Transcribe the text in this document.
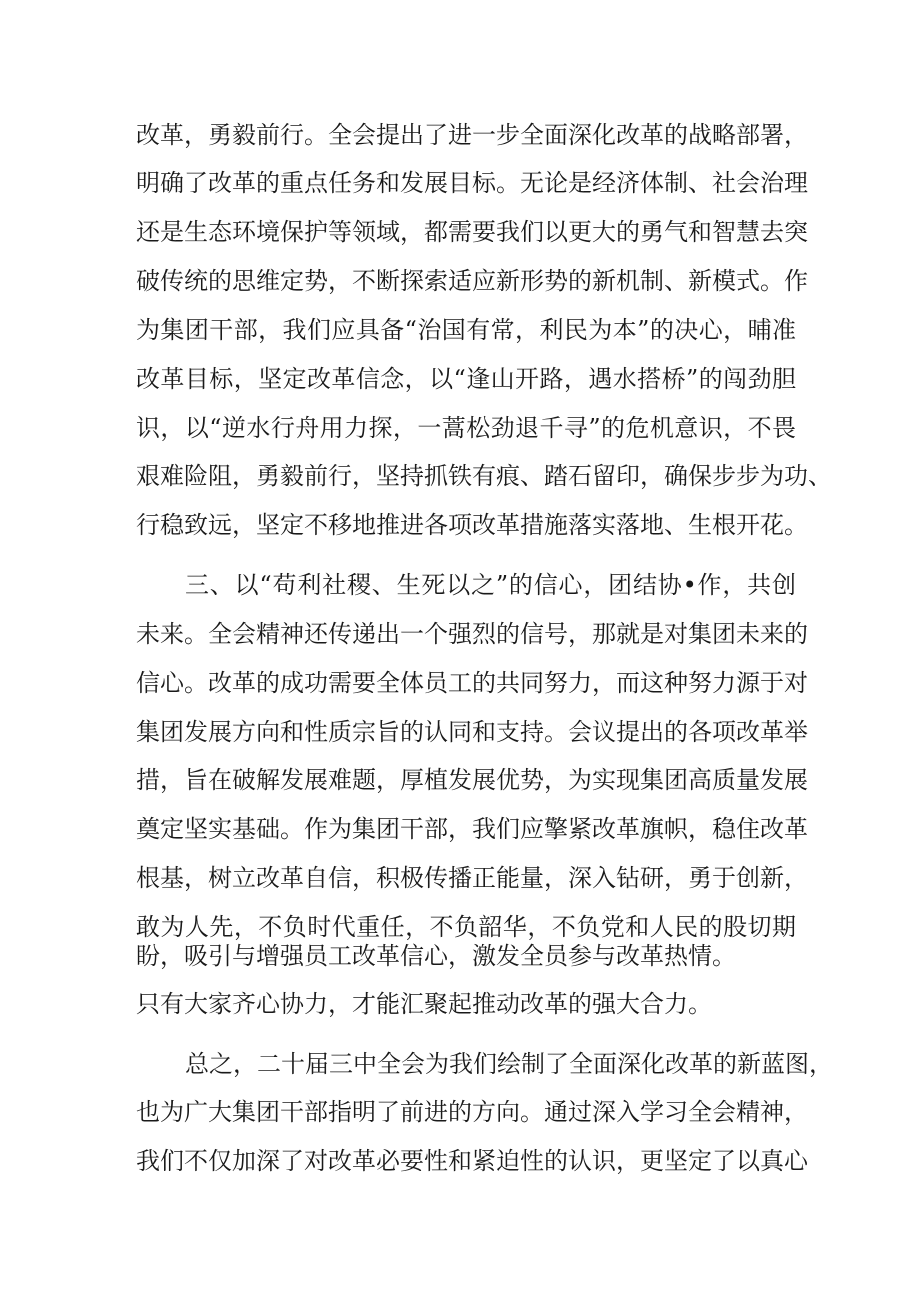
改革，勇毅前行。全会提出了进一步全面深化改革的战略部署，
明确了改革的重点任务和发展目标。无论是经济体制、社会治理
还是生态环境保护等领域，都需要我们以更大的勇气和智慧去突
破传统的思维定势，不断探索适应新形势的新机制、新模式。作
为集团干部，我们应具备“治国有常，利民为本”的决心，晡准
改革目标，坚定改革信念，以“逢山开路，遇水搭桥”的闯劲胆
识，以“逆水行舟用力探，一蒿松劲退千寻”的危机意识，不畏
艰难险阻，勇毅前行，坚持抓铁有痕、踏石留印，确保步步为功、
行稳致远，坚定不移地推进各项改革措施落实落地、生根开花。
三、以“苟利社稷、生死以之”的信心，团结协•作，共创
未来。全会精神还传递出一个强烈的信号，那就是对集团未来的
信心。改革的成功需要全体员工的共同努力，而这种努力源于对
集团发展方向和性质宗旨的认同和支持。会议提出的各项改革举
措，旨在破解发展难题，厚植发展优势，为实现集团高质量发展
奠定坚实基础。作为集团干部，我们应擎紧改革旗帜，稳住改革
根基，树立改革自信，积极传播正能量，深入钻研，勇于创新，
敢为人先，不负时代重任，不负韶华，不负党和人民的股切期
盼，吸引与增强员工改革信心，激发全员参与改革热情。
只有大家齐心协力，才能汇聚起推动改革的强大合力。
总之，二十届三中全会为我们绘制了全面深化改革的新蓝图，
也为广大集团干部指明了前进的方向。通过深入学习全会精神，
我们不仅加深了对改革必要性和紧迫性的认识，更坚定了以真心
